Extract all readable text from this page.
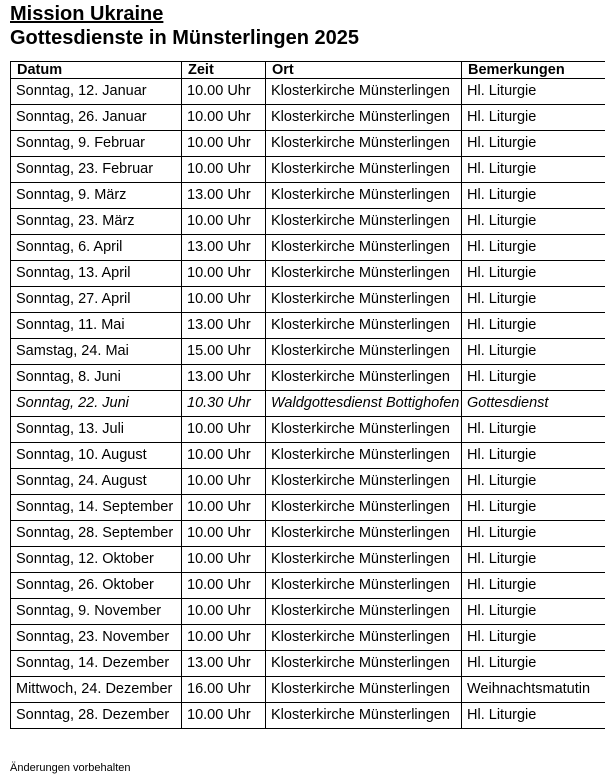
Mission Ukraine
Gottesdienste in Münsterlingen 2025
Datum	Zeit	Ort	Bemerkungen
Sonntag, 12. Januar	10.00 Uhr	Klosterkirche Münsterlingen	Hl. Liturgie
Sonntag, 26. Januar	10.00 Uhr	Klosterkirche Münsterlingen	Hl. Liturgie
Sonntag, 9. Februar	10.00 Uhr	Klosterkirche Münsterlingen	Hl. Liturgie
Sonntag, 23. Februar	10.00 Uhr	Klosterkirche Münsterlingen	Hl. Liturgie
Sonntag, 9. März	13.00 Uhr	Klosterkirche Münsterlingen	Hl. Liturgie
Sonntag, 23. März	10.00 Uhr	Klosterkirche Münsterlingen	Hl. Liturgie
Sonntag, 6. April	13.00 Uhr	Klosterkirche Münsterlingen	Hl. Liturgie
Sonntag, 13. April	10.00 Uhr	Klosterkirche Münsterlingen	Hl. Liturgie
Sonntag, 27. April	10.00 Uhr	Klosterkirche Münsterlingen	Hl. Liturgie
Sonntag, 11. Mai	13.00 Uhr	Klosterkirche Münsterlingen	Hl. Liturgie
Samstag, 24. Mai	15.00 Uhr	Klosterkirche Münsterlingen	Hl. Liturgie
Sonntag, 8. Juni	13.00 Uhr	Klosterkirche Münsterlingen	Hl. Liturgie
Sonntag, 22. Juni	10.30 Uhr	Waldgottesdienst Bottighofen	Gottesdienst
Sonntag, 13. Juli	10.00 Uhr	Klosterkirche Münsterlingen	Hl. Liturgie
Sonntag, 10. August	10.00 Uhr	Klosterkirche Münsterlingen	Hl. Liturgie
Sonntag, 24. August	10.00 Uhr	Klosterkirche Münsterlingen	Hl. Liturgie
Sonntag, 14. September	10.00 Uhr	Klosterkirche Münsterlingen	Hl. Liturgie
Sonntag, 28. September	10.00 Uhr	Klosterkirche Münsterlingen	Hl. Liturgie
Sonntag, 12. Oktober	10.00 Uhr	Klosterkirche Münsterlingen	Hl. Liturgie
Sonntag, 26. Oktober	10.00 Uhr	Klosterkirche Münsterlingen	Hl. Liturgie
Sonntag, 9. November	10.00 Uhr	Klosterkirche Münsterlingen	Hl. Liturgie
Sonntag, 23. November	10.00 Uhr	Klosterkirche Münsterlingen	Hl. Liturgie
Sonntag, 14. Dezember	13.00 Uhr	Klosterkirche Münsterlingen	Hl. Liturgie
Mittwoch, 24. Dezember	16.00 Uhr	Klosterkirche Münsterlingen	Weihnachtsmatutin
Sonntag, 28. Dezember	10.00 Uhr	Klosterkirche Münsterlingen	Hl. Liturgie

Änderungen vorbehalten
